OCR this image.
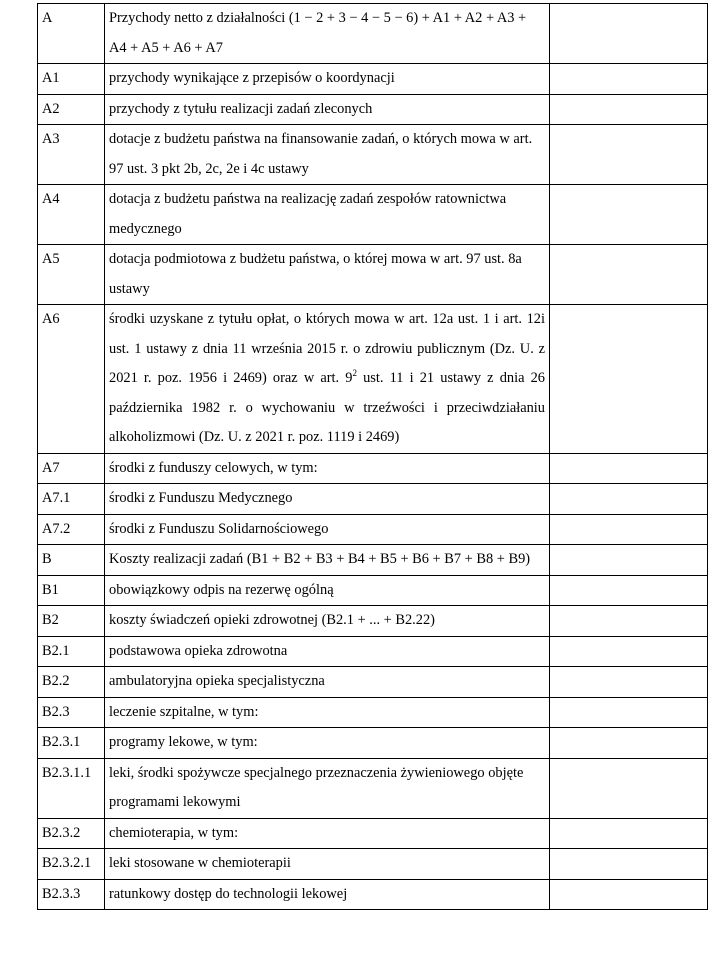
A	Przychody netto z działalności (1 − 2 + 3 − 4 − 5 − 6) + A1 + A2 + A3 + A4 + A5 + A6 + A7	
A1	przychody wynikające z przepisów o koordynacji	
A2	przychody z tytułu realizacji zadań zleconych	
A3	dotacje z budżetu państwa na finansowanie zadań, o których mowa w art. 97 ust. 3 pkt 2b, 2c, 2e i 4c ustawy	
A4	dotacja z budżetu państwa na realizację zadań zespołów ratownictwa medycznego	
A5	dotacja podmiotowa z budżetu państwa, o której mowa w art. 97 ust. 8a ustawy	
A6	środki uzyskane z tytułu opłat, o których mowa w art. 12a ust. 1 i art. 12i ust. 1 ustawy z dnia 11 września 2015 r. o zdrowiu publicznym (Dz. U. z 2021 r. poz. 1956 i 2469) oraz w art. $9^2$ ust. 11 i 21 ustawy z dnia 26 października 1982 r. o wychowaniu w trzeźwości i przeciwdziałaniu alkoholizmowi (Dz. U. z 2021 r. poz. 1119 i 2469)	
A7	środki z funduszy celowych, w tym:	
A7.1	środki z Funduszu Medycznego	
A7.2	środki z Funduszu Solidarnościowego	
B	Koszty realizacji zadań (B1 + B2 + B3 + B4 + B5 + B6 + B7 + B8 + B9)	
B1	obowiązkowy odpis na rezerwę ogólną	
B2	koszty świadczeń opieki zdrowotnej (B2.1 + ... + B2.22)	
B2.1	podstawowa opieka zdrowotna	
B2.2	ambulatoryjna opieka specjalistyczna	
B2.3	leczenie szpitalne, w tym:	
B2.3.1	programy lekowe, w tym:	
B2.3.1.1	leki, środki spożywcze specjalnego przeznaczenia żywieniowego objęte programami lekowymi	
B2.3.2	chemioterapia, w tym:	
B2.3.2.1	leki stosowane w chemioterapii	
B2.3.3	ratunkowy dostęp do technologii lekowej	
